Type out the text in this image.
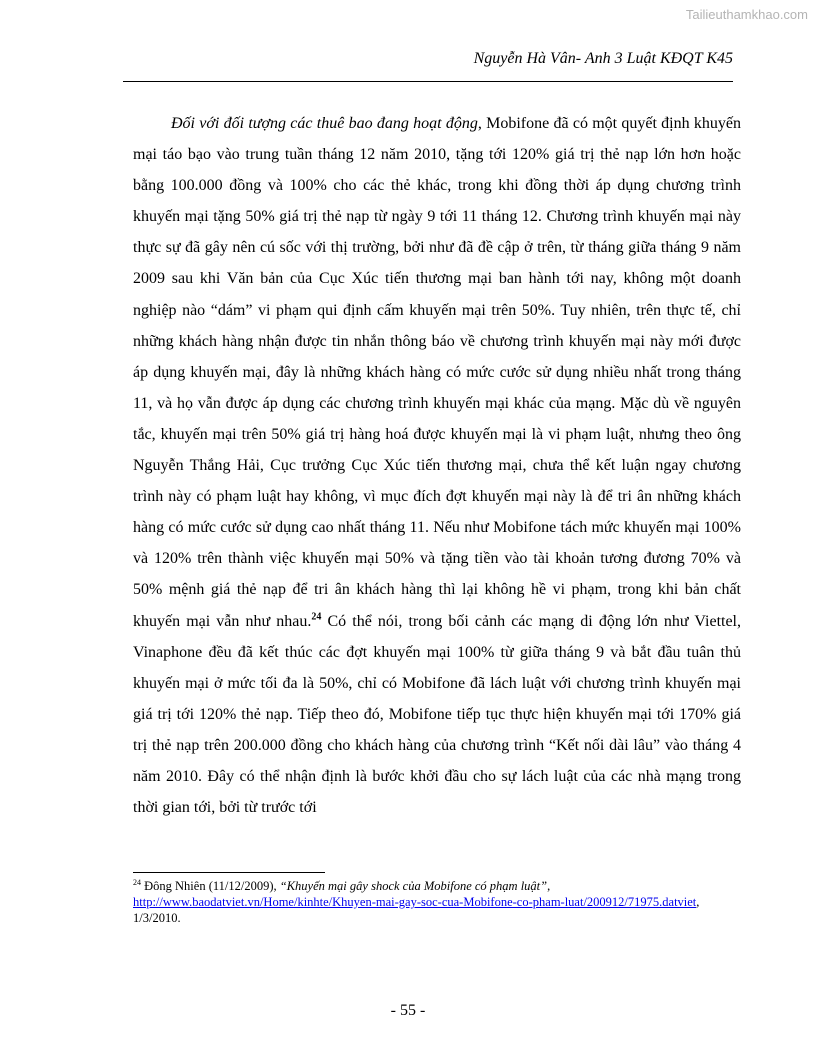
Tailieuthamkhao.com
Nguyễn Hà Vân- Anh 3 Luật KĐQT K45

Đối với đối tượng các thuê bao đang hoạt động, Mobifone đã có một quyết định khuyến mại táo bạo vào trung tuần tháng 12 năm 2010, tặng tới 120% giá trị thẻ nạp lớn hơn hoặc bằng 100.000 đồng và 100% cho các thẻ khác, trong khi đồng thời áp dụng chương trình khuyến mại tặng 50% giá trị thẻ nạp từ ngày 9 tới 11 tháng 12. Chương trình khuyến mại này thực sự đã gây nên cú sốc với thị trường, bởi như đã đề cập ở trên, từ tháng giữa tháng 9 năm 2009 sau khi Văn bản của Cục Xúc tiến thương mại ban hành tới nay, không một doanh nghiệp nào “dám” vi phạm qui định cấm khuyến mại trên 50%. Tuy nhiên, trên thực tế, chỉ những khách hàng nhận được tin nhắn thông báo về chương trình khuyến mại này mới được áp dụng khuyến mại, đây là những khách hàng có mức cước sử dụng nhiều nhất trong tháng 11, và họ vẫn được áp dụng các chương trình khuyến mại khác của mạng. Mặc dù về nguyên tắc, khuyến mại trên 50% giá trị hàng hoá được khuyến mại là vi phạm luật, nhưng theo ông Nguyễn Thắng Hải, Cục trưởng Cục Xúc tiến thương mại, chưa thể kết luận ngay chương trình này có phạm luật hay không, vì mục đích đợt khuyến mại này là để tri ân những khách hàng có mức cước sử dụng cao nhất tháng 11. Nếu như Mobifone tách mức khuyến mại 100% và 120% trên thành việc khuyến mại 50% và tặng tiền vào tài khoản tương đương 70% và 50% mệnh giá thẻ nạp để tri ân khách hàng thì lại không hề vi phạm, trong khi bản chất khuyến mại vẫn như nhau.$^{24}$ Có thể nói, trong bối cảnh các mạng di động lớn như Viettel, Vinaphone đều đã kết thúc các đợt khuyến mại 100% từ giữa tháng 9 và bắt đầu tuân thủ khuyến mại ở mức tối đa là 50%, chỉ có Mobifone đã lách luật với chương trình khuyến mại giá trị tới 120% thẻ nạp. Tiếp theo đó, Mobifone tiếp tục thực hiện khuyến mại tới 170% giá trị thẻ nạp trên 200.000 đồng cho khách hàng của chương trình “Kết nối dài lâu” vào tháng 4 năm 2010. Đây có thể nhận định là bước khởi đầu cho sự lách luật của các nhà mạng trong thời gian tới, bởi từ trước tới

$^{24}$ Đông Nhiên (11/12/2009), “Khuyến mại gây shock của Mobifone có phạm luật”,
http://www.baodatviet.vn/Home/kinhte/Khuyen-mai-gay-soc-cua-Mobifone-co-pham-luat/200912/71975.datviet, 1/3/2010.

- 55 -
